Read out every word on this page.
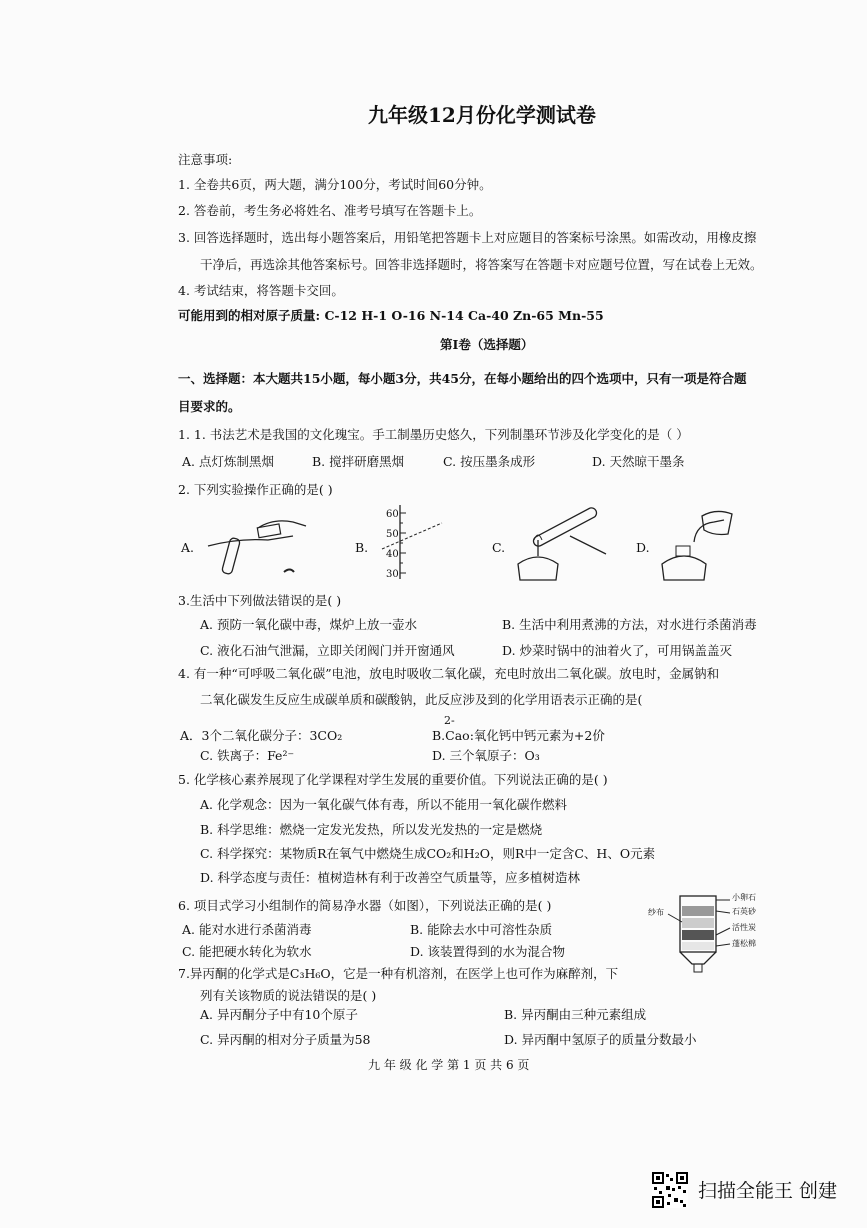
九年级12月份化学测试卷
注意事项:
1. 全卷共6页，两大题，满分100分，考试时间60分钟。
2. 答卷前，考生务必将姓名、准考号填写在答题卡上。
3. 回答选择题时，选出每小题答案后，用铅笔把答题卡上对应题目的答案标号涂黑。如需改动，用橡皮擦
干净后，再选涂其他答案标号。回答非选择题时，将答案写在答题卡对应题号位置，写在试卷上无效。
4. 考试结束，将答题卡交回。
可能用到的相对原子质量: C-12 H-1 O-16 N-14 Ca-40 Zn-65 Mn-55
第I卷（选择题）
一、选择题：本大题共15小题，每小题3分，共45分，在每小题给出的四个选项中，只有一项是符合题
目要求的。
1. 1. 书法艺术是我国的文化瑰宝。手工制墨历史悠久，下列制墨环节涉及化学变化的是（ ）
A. 点灯炼制黑烟	B. 搅拌研磨黑烟	C. 按压墨条成形	D. 天然晾干墨条
2. 下列实验操作正确的是( )
A.	B.	C.	D.
60
50
40
30
3.生活中下列做法错误的是( )
A. 预防一氧化碳中毒，煤炉上放一壶水	B. 生活中利用煮沸的方法，对水进行杀菌消毒
C. 液化石油气泄漏，立即关闭阀门并开窗通风	D. 炒菜时锅中的油着火了，可用锅盖盖灭
4. 有一种“可呼吸二氧化碳”电池，放电时吸收二氧化碳，充电时放出二氧化碳。放电时，金属钠和
二氧化碳发生反应生成碳单质和碳酸钠，此反应涉及到的化学用语表示正确的是(
2-
A．3个二氧化碳分子：3CO₂	B.Cao:氧化钙中钙元素为+2价
C. 铁离子：Fe²⁻	D. 三个氧原子：O₃
5. 化学核心素养展现了化学课程对学生发展的重要价值。下列说法正确的是( )
A. 化学观念：因为一氧化碳气体有毒，所以不能用一氧化碳作燃料
B. 科学思维：燃烧一定发光发热，所以发光发热的一定是燃烧
C. 科学探究：某物质R在氧气中燃烧生成CO₂和H₂O，则R中一定含C、H、O元素
D. 科学态度与责任：植树造林有利于改善空气质量等，应多植树造林
6. 项目式学习小组制作的简易净水器（如图），下列说法正确的是( )
A. 能对水进行杀菌消毒	B. 能除去水中可溶性杂质
C. 能把硬水转化为软水	D. 该装置得到的水为混合物
小卵石
石英砂
活性炭
蓬松棉
纱布
7.异丙酮的化学式是C₃H₆O，它是一种有机溶剂，在医学上也可作为麻醉剂，下
列有关该物质的说法错误的是( )
A. 异丙酮分子中有10个原子	B. 异丙酮由三种元素组成
C. 异丙酮的相对分子质量为58	D. 异丙酮中氢原子的质量分数最小
九 年 级 化 学 第 1 页 共 6 页
扫描全能王 创建
